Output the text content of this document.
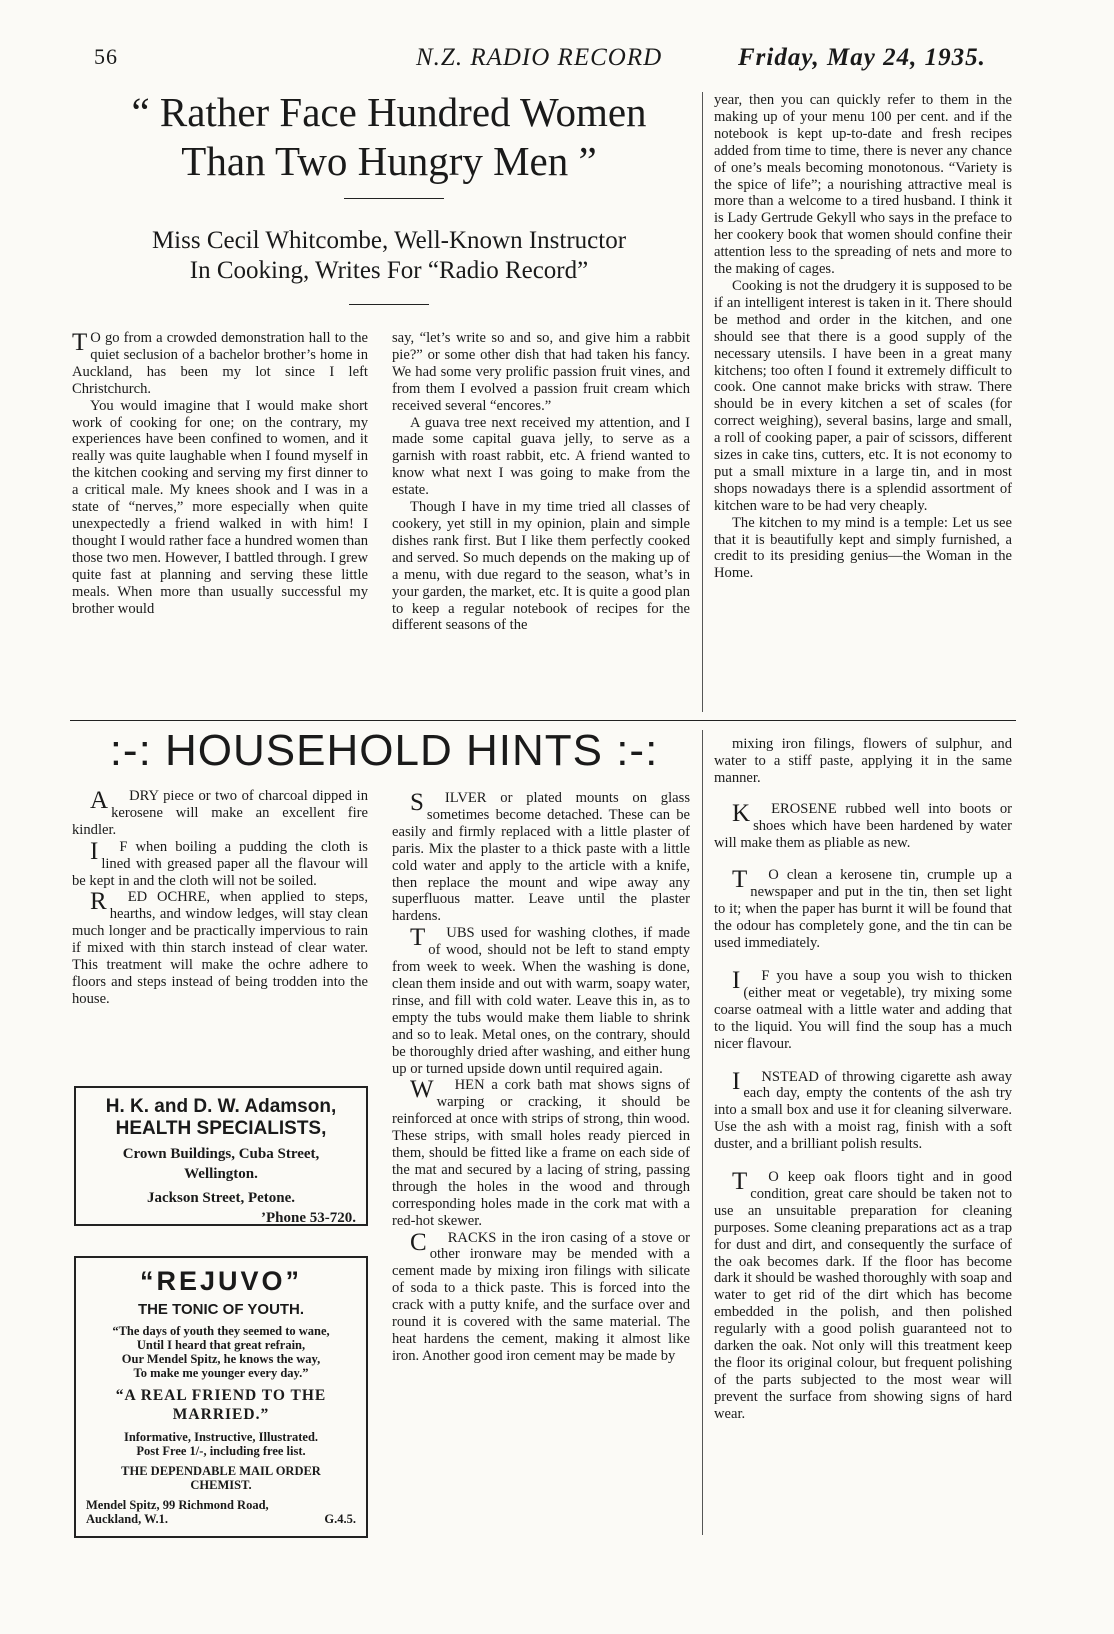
56	N.Z. RADIO RECORD	Friday, May 24, 1935.
“ Rather Face Hundred Women
Than Two Hungry Men ”
Miss Cecil Whitcombe, Well-Known Instructor
In Cooking, Writes For “Radio Record”

T O go from a crowded demonstration hall to the quiet seclusion of a bachelor brother’s home in Auckland, has been my lot since I left Christchurch.

You would imagine that I would make short work of cooking for one; on the contrary, my experiences have been confined to women, and it really was quite laughable when I found myself in the kitchen cooking and serving my first dinner to a critical male. My knees shook and I was in a state of “nerves,” more especially when quite unexpectedly a friend walked in with him! I thought I would rather face a hundred women than those two men. However, I battled through. I grew quite fast at planning and serving these little meals. When more than usually successful my brother would

say, “let’s write so and so, and give him a rabbit pie?” or some other dish that had taken his fancy. We had some very prolific passion fruit vines, and from them I evolved a passion fruit cream which received several “encores.”

A guava tree next received my attention, and I made some capital guava jelly, to serve as a garnish with roast rabbit, etc. A friend wanted to know what next I was going to make from the estate.

Though I have in my time tried all classes of cookery, yet still in my opinion, plain and simple dishes rank first. But I like them perfectly cooked and served. So much depends on the making up of a menu, with due regard to the season, what’s in your garden, the market, etc. It is quite a good plan to keep a regular notebook of recipes for the different seasons of the

year, then you can quickly refer to them in the making up of your menu 100 per cent. and if the notebook is kept up-to-date and fresh recipes added from time to time, there is never any chance of one’s meals becoming monotonous. “Variety is the spice of life”; a nourishing attractive meal is more than a welcome to a tired husband. I think it is Lady Gertrude Gekyll who says in the preface to her cookery book that women should confine their attention less to the spreading of nets and more to the making of cages.

Cooking is not the drudgery it is supposed to be if an intelligent interest is taken in it. There should be method and order in the kitchen, and one should see that there is a good supply of the necessary utensils. I have been in a great many kitchens; too often I found it extremely difficult to cook. One cannot make bricks with straw. There should be in every kitchen a set of scales (for correct weighing), several basins, large and small, a roll of cooking paper, a pair of scissors, different sizes in cake tins, cutters, etc. It is not economy to put a small mixture in a large tin, and in most shops nowadays there is a splendid assortment of kitchen ware to be had very cheaply.

The kitchen to my mind is a temple: Let us see that it is beautifully kept and simply furnished, a credit to its presiding genius—the Woman in the Home.

:-: HOUSEHOLD HINTS :-:

A DRY piece or two of charcoal dipped in kerosene will make an excellent fire kindler.

I F when boiling a pudding the cloth is lined with greased paper all the flavour will be kept in and the cloth will not be soiled.

R ED OCHRE, when applied to steps, hearths, and window ledges, will stay clean much longer and be practically impervious to rain if mixed with thin starch instead of clear water. This treatment will make the ochre adhere to floors and steps instead of being trodden into the house.

H. K. and D. W. Adamson,
HEALTH SPECIALISTS,
Crown Buildings, Cuba Street,
Wellington.
Jackson Street, Petone.
’Phone 53-720.
“REJUVO”
THE TONIC OF YOUTH.
“The days of youth they seemed to wane,
Until I heard that great refrain,
Our Mendel Spitz, he knows the way,
To make me younger every day.”
“A REAL FRIEND TO THE
MARRIED.”
Informative, Instructive, Illustrated.
Post Free 1/-, including free list.
THE DEPENDABLE MAIL ORDER
CHEMIST.
Mendel Spitz, 99 Richmond Road,
Auckland, W.1.	G.4.5.

S ILVER or plated mounts on glass sometimes become detached. These can be easily and firmly replaced with a little plaster of paris. Mix the plaster to a thick paste with a little cold water and apply to the article with a knife, then replace the mount and wipe away any superfluous matter. Leave until the plaster hardens.

T UBS used for washing clothes, if made of wood, should not be left to stand empty from week to week. When the washing is done, clean them inside and out with warm, soapy water, rinse, and fill with cold water. Leave this in, as to empty the tubs would make them liable to shrink and so to leak. Metal ones, on the contrary, should be thoroughly dried after washing, and either hung up or turned upside down until required again.

W HEN a cork bath mat shows signs of warping or cracking, it should be reinforced at once with strips of strong, thin wood. These strips, with small holes ready pierced in them, should be fitted like a frame on each side of the mat and secured by a lacing of string, passing through the holes in the wood and through corresponding holes made in the cork mat with a red-hot skewer.

C RACKS in the iron casing of a stove or other ironware may be mended with a cement made by mixing iron filings with silicate of soda to a thick paste. This is forced into the crack with a putty knife, and the surface over and round it is covered with the same material. The heat hardens the cement, making it almost like iron. Another good iron cement may be made by

mixing iron filings, flowers of sulphur, and water to a stiff paste, applying it in the same manner.

K EROSENE rubbed well into boots or shoes which have been hardened by water will make them as pliable as new.

T O clean a kerosene tin, crumple up a newspaper and put in the tin, then set light to it; when the paper has burnt it will be found that the odour has completely gone, and the tin can be used immediately.

I F you have a soup you wish to thicken (either meat or vegetable), try mixing some coarse oatmeal with a little water and adding that to the liquid. You will find the soup has a much nicer flavour.

I NSTEAD of throwing cigarette ash away each day, empty the contents of the ash try into a small box and use it for cleaning silverware. Use the ash with a moist rag, finish with a soft duster, and a brilliant polish results.

T O keep oak floors tight and in good condition, great care should be taken not to use an unsuitable preparation for cleaning purposes. Some cleaning preparations act as a trap for dust and dirt, and consequently the surface of the oak becomes dark. If the floor has become dark it should be washed thoroughly with soap and water to get rid of the dirt which has become embedded in the polish, and then polished regularly with a good polish guaranteed not to darken the oak. Not only will this treatment keep the floor its original colour, but frequent polishing of the parts subjected to the most wear will prevent the surface from showing signs of hard wear.
